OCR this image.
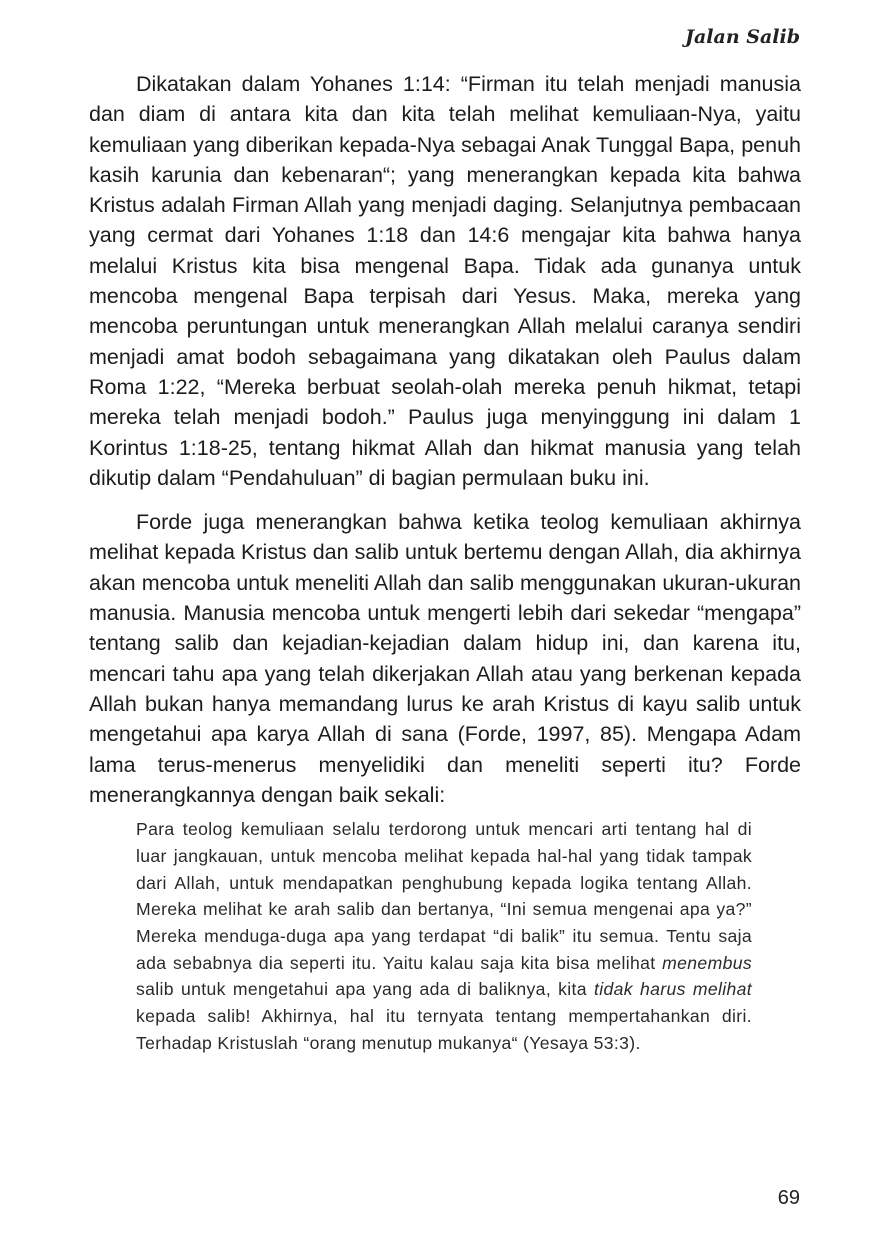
Jalan Salib

Dikatakan dalam Yohanes 1:14: “Firman itu telah menjadi manusia dan diam di antara kita dan kita telah melihat kemuliaan-Nya, yaitu kemuliaan yang diberikan kepada-Nya sebagai Anak Tunggal Bapa, penuh kasih karunia dan kebenaran“; yang menerangkan kepada kita bahwa Kristus adalah Firman Allah yang menjadi daging. Selanjutnya pembacaan yang cermat dari Yohanes 1:18 dan 14:6 mengajar kita bahwa hanya melalui Kristus kita bisa mengenal Bapa. Tidak ada gunanya untuk mencoba mengenal Bapa terpisah dari Yesus. Maka, mereka yang mencoba peruntungan untuk menerangkan Allah melalui caranya sendiri menjadi amat bodoh sebagaimana yang dikatakan oleh Paulus dalam Roma 1:22, “Mereka berbuat seolah-olah mereka penuh hikmat, tetapi mereka telah menjadi bodoh.” Paulus juga menyinggung ini dalam 1 Korintus 1:18-25, tentang hikmat Allah dan hikmat manusia yang telah dikutip dalam “Pendahuluan” di bagian permulaan buku ini.

Forde juga menerangkan bahwa ketika teolog kemuliaan akhirnya melihat kepada Kristus dan salib untuk bertemu dengan Allah, dia akhirnya akan mencoba untuk meneliti Allah dan salib menggunakan ukuran-ukuran manusia. Manusia mencoba untuk mengerti lebih dari sekedar “mengapa” tentang salib dan kejadian-kejadian dalam hidup ini, dan karena itu, mencari tahu apa yang telah dikerjakan Allah atau yang berkenan kepada Allah bukan hanya memandang lurus ke arah Kristus di kayu salib untuk mengetahui apa karya Allah di sana (Forde, 1997, 85). Mengapa Adam lama terus-menerus menyelidiki dan meneliti seperti itu? Forde menerangkannya dengan baik sekali:

Para teolog kemuliaan selalu terdorong untuk mencari arti tentang hal di luar jangkauan, untuk mencoba melihat kepada hal-hal yang tidak tampak dari Allah, untuk mendapatkan penghubung kepada logika tentang Allah. Mereka melihat ke arah salib dan bertanya, “Ini semua mengenai apa ya?” Mereka menduga-duga apa yang terdapat “di balik” itu semua. Tentu saja ada sebabnya dia seperti itu. Yaitu kalau saja kita bisa melihat menembus salib untuk mengetahui apa yang ada di baliknya, kita tidak harus melihat kepada salib! Akhirnya, hal itu ternyata tentang mempertahankan diri. Terhadap Kristuslah “orang menutup mukanya“ (Yesaya 53:3).
69
